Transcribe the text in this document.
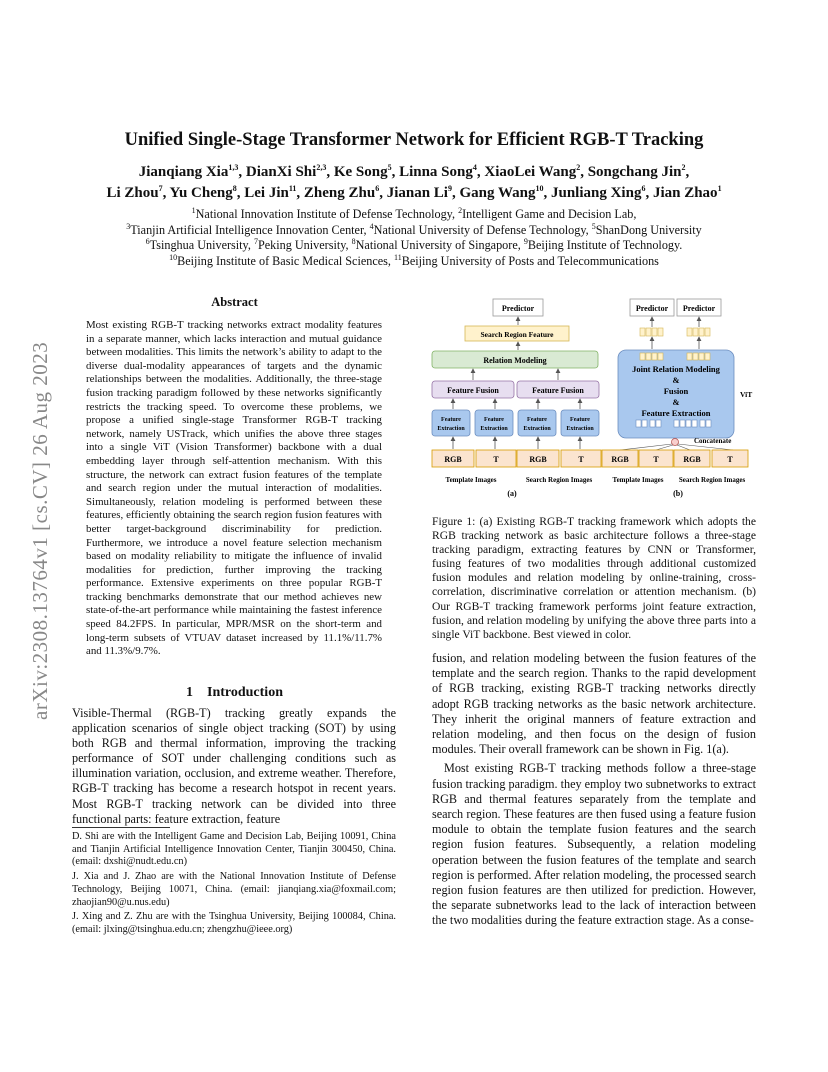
arXiv:2308.13764v1 [cs.CV] 26 Aug 2023
Unified Single-Stage Transformer Network for Efficient RGB-T Tracking
Jianqiang Xia$^{1,3}$, DianXi Shi$^{2,3}$, Ke Song$^5$, Linna Song$^4$, XiaoLei Wang$^2$, Songchang Jin$^2$,
Li Zhou$^7$, Yu Cheng$^8$, Lei Jin$^{11}$, Zheng Zhu$^6$, Jianan Li$^9$, Gang Wang$^{10}$, Junliang Xing$^6$, Jian Zhao$^1$
$^1$National Innovation Institute of Defense Technology, $^2$Intelligent Game and Decision Lab,
$^3$Tianjin Artificial Intelligence Innovation Center, $^4$National University of Defense Technology, $^5$ShanDong University
$^6$Tsinghua University, $^7$Peking University, $^8$National University of Singapore, $^9$Beijing Institute of Technology.
$^{10}$Beijing Institute of Basic Medical Sciences, $^{11}$Beijing University of Posts and Telecommunications
Abstract
Most existing RGB-T tracking networks extract modality features in a separate manner, which lacks interaction and mutual guidance between modalities. This limits the network’s ability to adapt to the diverse dual-modality appearances of targets and the dynamic relationships between the modalities. Additionally, the three-stage fusion tracking paradigm followed by these networks significantly restricts the tracking speed. To overcome these problems, we propose a unified single-stage Transformer RGB-T tracking network, namely USTrack, which unifies the above three stages into a single ViT (Vision Transformer) backbone with a dual embedding layer through self-attention mechanism. With this structure, the network can extract fusion features of the template and search region under the mutual interaction of modalities. Simultaneously, relation modeling is performed between these features, efficiently obtaining the search region fusion features with better target-background discriminability for prediction. Furthermore, we introduce a novel feature selection mechanism based on modality reliability to mitigate the influence of invalid modalities for prediction, further improving the tracking performance. Extensive experiments on three popular RGB-T tracking benchmarks demonstrate that our method achieves new state-of-the-art performance while maintaining the fastest inference speed 84.2FPS. In particular, MPR/MSR on the short-term and long-term subsets of VTUAV dataset increased by 11.1%/11.7% and 11.3%/9.7%.
1    Introduction
Visible-Thermal (RGB-T) tracking greatly expands the application scenarios of single object tracking (SOT) by using both RGB and thermal information, improving the tracking performance of SOT under challenging conditions such as illumination variation, occlusion, and extreme weather. Therefore, RGB-T tracking has become a research hotspot in recent years. Most RGB-T tracking network can be divided into three functional parts: feature extraction, feature

D. Shi are with the Intelligent Game and Decision Lab, Beijing 10091, China and Tianjin Artificial Intelligence Innovation Center, Tianjin 300450, China. (email: dxshi@nudt.edu.cn)

J. Xia and J. Zhao are with the National Innovation Institute of Defense Technology, Beijing 10071, China. (email: jianqiang.xia@foxmail.com; zhaojian90@u.nus.edu)

J. Xing and Z. Zhu are with the Tsinghua University, Beijing 100084, China. (email: jlxing@tsinghua.edu.cn; zhengzhu@ieee.org)

Predictor
Search Region Feature
Relation Modeling
Feature Fusion	Feature Fusion
Feature
Extraction
Feature
Extraction
Feature
Extraction
Feature
Extraction
RGB	T	RGB	T
Template Images	Search Region Images
(a)
Predictor Predictor
Joint Relation Modeling
&
Fusion
&
Feature Extraction
ViT
Concatenate
RGB	T	RGB	T
Template Images Search Region Images
(b)
Figure 1: (a) Existing RGB-T tracking framework which adopts the RGB tracking network as basic architecture follows a three-stage tracking paradigm, extracting features by CNN or Transformer, fusing features of two modalities through additional customized fusion modules and relation modeling by online-training, cross-correlation, discriminative correlation or attention mechanism. (b) Our RGB-T tracking framework performs joint feature extraction, fusion, and relation modeling by unifying the above three parts into a single ViT backbone. Best viewed in color.

fusion, and relation modeling between the fusion features of the template and the search region. Thanks to the rapid development of RGB tracking, existing RGB-T tracking networks directly adopt RGB tracking networks as the basic network architecture. They inherit the original manners of feature extraction and relation modeling, and then focus on the design of fusion modules. Their overall framework can be shown in Fig. 1(a).

Most existing RGB-T tracking methods follow a three-stage fusion tracking paradigm. they employ two subnetworks to extract RGB and thermal features separately from the template and search region. These features are then fused using a feature fusion module to obtain the template fusion features and the search region fusion features. Subsequently, a relation modeling operation between the fusion features of the template and search region is performed. After relation modeling, the processed search region fusion features are then utilized for prediction. However, the separate subnetworks lead to the lack of interaction between the two modalities during the feature extraction stage. As a conse-
